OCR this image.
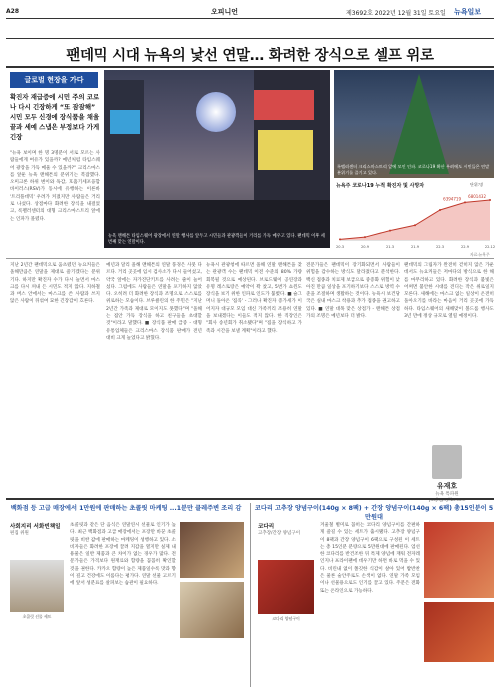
A28	오피니언	제3692호 2022년 12월 31일 토요일 뉴욕일보
팬데믹 시대 뉴욕의 낯선 연말… 화려한 장식으로 셀프 위로
글로벌 현장을 가다
확진자 재급증에 시민 주의 코로나 다시 긴장하게 “또 잠잠해” 시민 모두 신경에 장식품을 채울 끝과 세예 스냅은 부정보다 가게 긴장
"뉴욕 보이며 한 명 3명분이 서로 모르는 사람들에게 여유가 있을까? 예년처럼 타임스퀘어 광장을 가득 메울 수 있을까?" 크리스마스를 앞둔 뉴욕 맨해튼의 분위기는 복잡했다. 오미크론 하위 변이와 독감, 호흡기세포융합바이러스(RSV)가 동시에 유행하는 이른바 '트리플데믹' 우려가 커졌지만 사람들은 거리로 나섰다. 상점마다 화려한 장식을 내걸었고, 록펠러센터의 대형 크리스마스트리 앞에는 인파가 몰렸다.
뉴욕 맨해튼 타임스퀘어 광장에서 연말 행사를 앞두고 시민들과 관광객들이 거리를 가득 메우고 있다. 팬데믹 이후 세 번째 맞는 연말이다.
록펠러센터 크리스마스트리 앞에 모인 인파. 코로나19 확산 우려에도 시민들은 연말 분위기를 즐기고 있다.
뉴욕주 코로나19 누적 확진자 및 사망자	단위:명
6394719 6801432
20.3	20.9	21.3	21.9	22.3	22.9	22.12
자료:뉴욕주
지난 2년간 팬데믹으로 움츠렸던 뉴요커들은 올해만큼은 연말을 제대로 즐기겠다는 분위기다. 하지만 확진자 수가 다시 늘면서 마스크를 다시 꺼내 든 시민도 적지 않다. 지하철과 버스 안에서는 마스크를 쓴 사람과 쓰지 않은 사람이 뒤섞여 묘한 긴장감이 흐른다.
예년과 달리 올해 맨해튼의 연말 풍경은 사뭇 다르다. 거리 곳곳에 임시 검사소가 다시 들어섰고, 약국 앞에는 자가진단키트를 사려는 줄이 늘어섰다. 그럼에도 사람들은 연말을 포기하지 않았다. 오히려 더 화려한 장식과 조명으로 스스로를 위로하는 모습이다. 브루클린의 한 주민은 "지난 2년간 가족과 제대로 모이지도 못했다"며 "올해는 집안 가득 장식을 하고 친구들을 초대할 것"이라고 말했다. ■ 장식품 판매 급증 - 대형 유통업체들은 크리스마스 장식품 판매가 전년 대비 크게 늘었다고 밝혔다.
뉴욕시 관광청에 따르면 올해 연말 맨해튼을 찾는 관광객 수는 팬데믹 이전 수준의 80% 가량 회복될 것으로 예상된다. 브로드웨이 공연장과 유명 레스토랑은 예약이 꽉 찼고, 5번가 쇼윈도 장식을 보기 위한 인파로 인도가 붐볐다. ■ 슬그머니 돌아온 '집콕' - 그러나 확진자 증가세가 이어지자 대규모 모임 대신 가족끼리 조용히 연말을 보내겠다는 이들도 적지 않다. 한 직장인은 "회사 송년회가 취소됐다"며 "집을 장식하고 가족과 시간을 보낼 계획"이라고 했다.
전문가들은 팬데믹이 장기화되면서 사람들이 위험을 감수하는 방식도 달라졌다고 분석한다. 백신 접종과 치료제 보급으로 중증화 위험이 낮아진 만큼 일상을 포기하기보다 스스로 방역 수준을 조절하며 생활하는 것이다. 뉴욕시 보건당국은 실내 마스크 착용과 추가 접종을 권고하고 있다. ■ 연말 대목 맞은 상점가 - 맨해튼 상점가의 조명은 예년보다 더 밝다.
팬데믹의 그림자가 완전히 걷히지 않은 가운데서도 뉴요커들은 저마다의 방식으로 한 해를 마무리하고 있다. 화려한 장식과 불빛은 어쩌면 불안한 시대를 견디는 작은 위로일지 모른다. 새해에는 마스크 없는 일상이 온전히 돌아오기를 바라는 마음이 거리 곳곳에 가득하다. 타임스퀘어의 새해맞이 볼드롭 행사도 3년 만에 정상 규모로 열릴 예정이다.
유재호
뉴욕 특파원
백화점 등 고급 매장에서 1만원에 판매하는 초콜릿 마케팅 ...1분만 클레주변 조리 감
사회지리 서화빈책일
편집 위원
초콜릿 선물 세트
초콜릿과 같은 단 음식은 연말연시 선물로 인기가 높다. 최근 백화점과 고급 매장에서는 포장만 바꾼 초콜릿을 비싼 값에 판매하는 마케팅이 성행하고 있다. 소비자들은 화려한 포장에 끌려 지갑을 열지만 실제 내용물은 일반 제품과 큰 차이가 없는 경우가 많다. 전문가들은 가격보다 원재료와 함량을 꼼꼼히 확인할 것을 권한다. 카카오 함량이 높은 제품일수록 맛과 향이 깊고 건강에도 이롭다는 평가다. 연말 선물 고르기에 앞서 성분표를 살펴보는 습관이 필요하다.
코다리 고추장 양념구이(140g × 8팩) + 간장 양념구이(140g × 6팩) 총15인분이 5만원대
코다리
고추장/간장 양념구이
코다리 양념구이
겨울철 별미로 꼽히는 코다리 양념구이를 간편하게 즐길 수 있는 세트가 출시됐다. 고추장 양념구이 8팩과 간장 양념구이 6팩으로 구성된 이 세트는 총 15인분 분량으로 5만원대에 판매된다. 엄선한 코다리를 반건조한 뒤 특제 양념에 재워 전자레인지나 프라이팬에 데우기만 하면 바로 먹을 수 있다. 비린내 없이 쫄깃한 식감이 살아 있어 밥반찬은 물론 술안주로도 손색이 없다. 연말 가족 모임이나 선물용으로도 인기를 끌고 있다. 주문은 전화 또는 온라인으로 가능하다.
